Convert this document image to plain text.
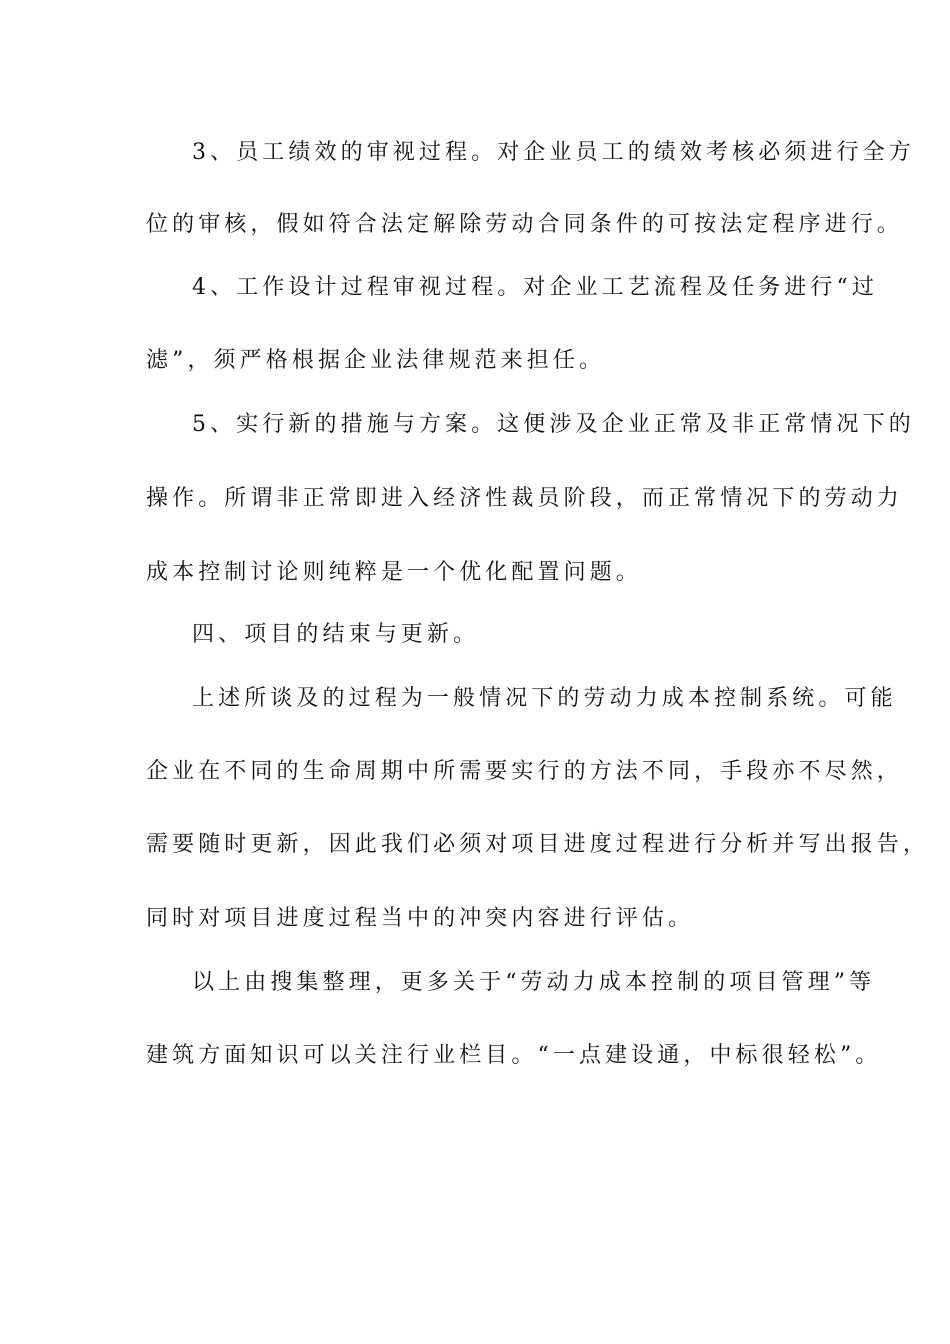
3、员工绩效的审视过程。对企业员工的绩效考核必须进行全方
位的审核，假如符合法定解除劳动合同条件的可按法定程序进行。
4、工作设计过程审视过程。对企业工艺流程及任务进行“过
滤”，须严格根据企业法律规范来担任。
5、实行新的措施与方案。这便涉及企业正常及非正常情况下的
操作。所谓非正常即进入经济性裁员阶段，而正常情况下的劳动力
成本控制讨论则纯粹是一个优化配置问题。
四、项目的结束与更新。
上述所谈及的过程为一般情况下的劳动力成本控制系统。可能
企业在不同的生命周期中所需要实行的方法不同，手段亦不尽然，
需要随时更新，因此我们必须对项目进度过程进行分析并写出报告，
同时对项目进度过程当中的冲突内容进行评估。
以上由搜集整理，更多关于“劳动力成本控制的项目管理”等
建筑方面知识可以关注行业栏目。“一点建设通，中标很轻松”。
